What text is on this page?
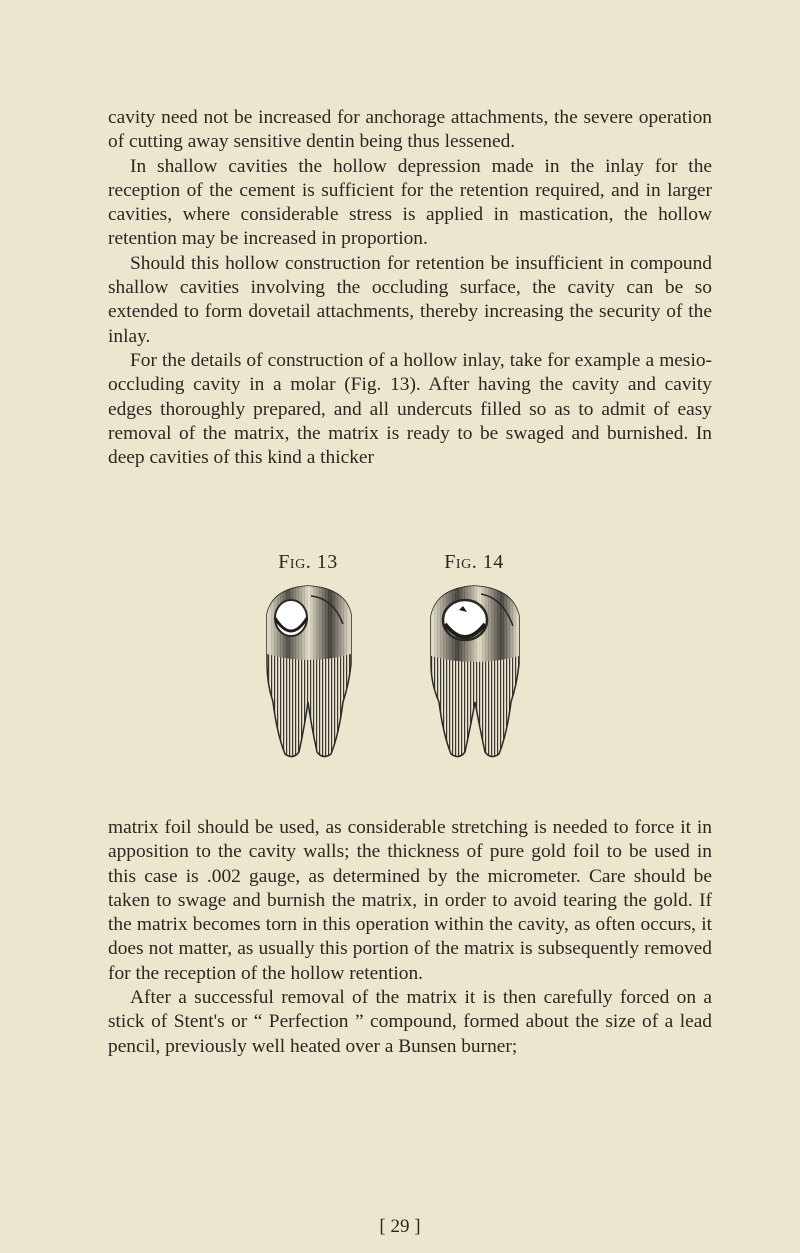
cavity need not be increased for anchorage attachments, the severe operation of cutting away sensitive dentin being thus lessened.

In shallow cavities the hollow depression made in the inlay for the reception of the cement is sufficient for the retention required, and in larger cavities, where considerable stress is applied in mastication, the hollow retention may be increased in proportion.

Should this hollow construction for retention be insufficient in compound shallow cavities involving the occluding surface, the cavity can be so extended to form dovetail attachments, thereby increasing the security of the inlay.

For the details of construction of a hollow inlay, take for example a mesio-occluding cavity in a molar (Fig. 13). After having the cavity and cavity edges thoroughly prepared, and all undercuts filled so as to admit of easy removal of the matrix, the matrix is ready to be swaged and burnished. In deep cavities of this kind a thicker

Fig. 13	Fig. 14

matrix foil should be used, as considerable stretching is needed to force it in apposition to the cavity walls; the thickness of pure gold foil to be used in this case is .002 gauge, as determined by the micrometer. Care should be taken to swage and burnish the matrix, in order to avoid tearing the gold. If the matrix becomes torn in this operation within the cavity, as often occurs, it does not matter, as usually this portion of the matrix is subsequently removed for the reception of the hollow retention.

After a successful removal of the matrix it is then carefully forced on a stick of Stent's or “ Perfection ” compound, formed about the size of a lead pencil, previously well heated over a Bunsen burner;

[ 29 ]
